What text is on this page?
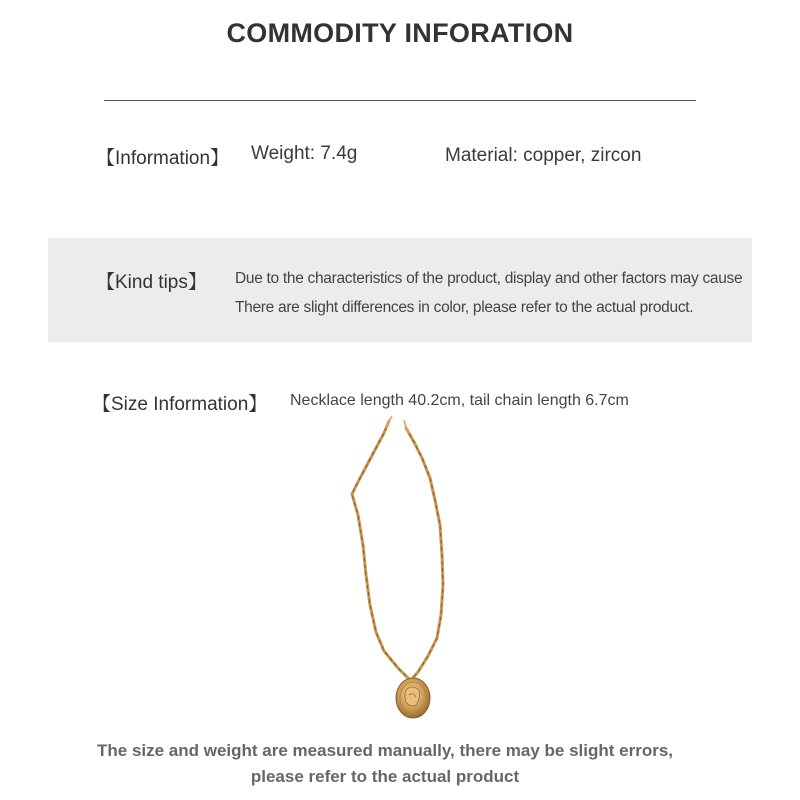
COMMODITY INFORATION
【Information】 Weight: 7.4g	Material: copper, zircon
【Kind tips】 Due to the characteristics of the product, display and other factors may cause
There are slight differences in color, please refer to the actual product.
【Size Information】 Necklace length 40.2cm, tail chain length 6.7cm
The size and weight are measured manually, there may be slight errors,
please refer to the actual product
